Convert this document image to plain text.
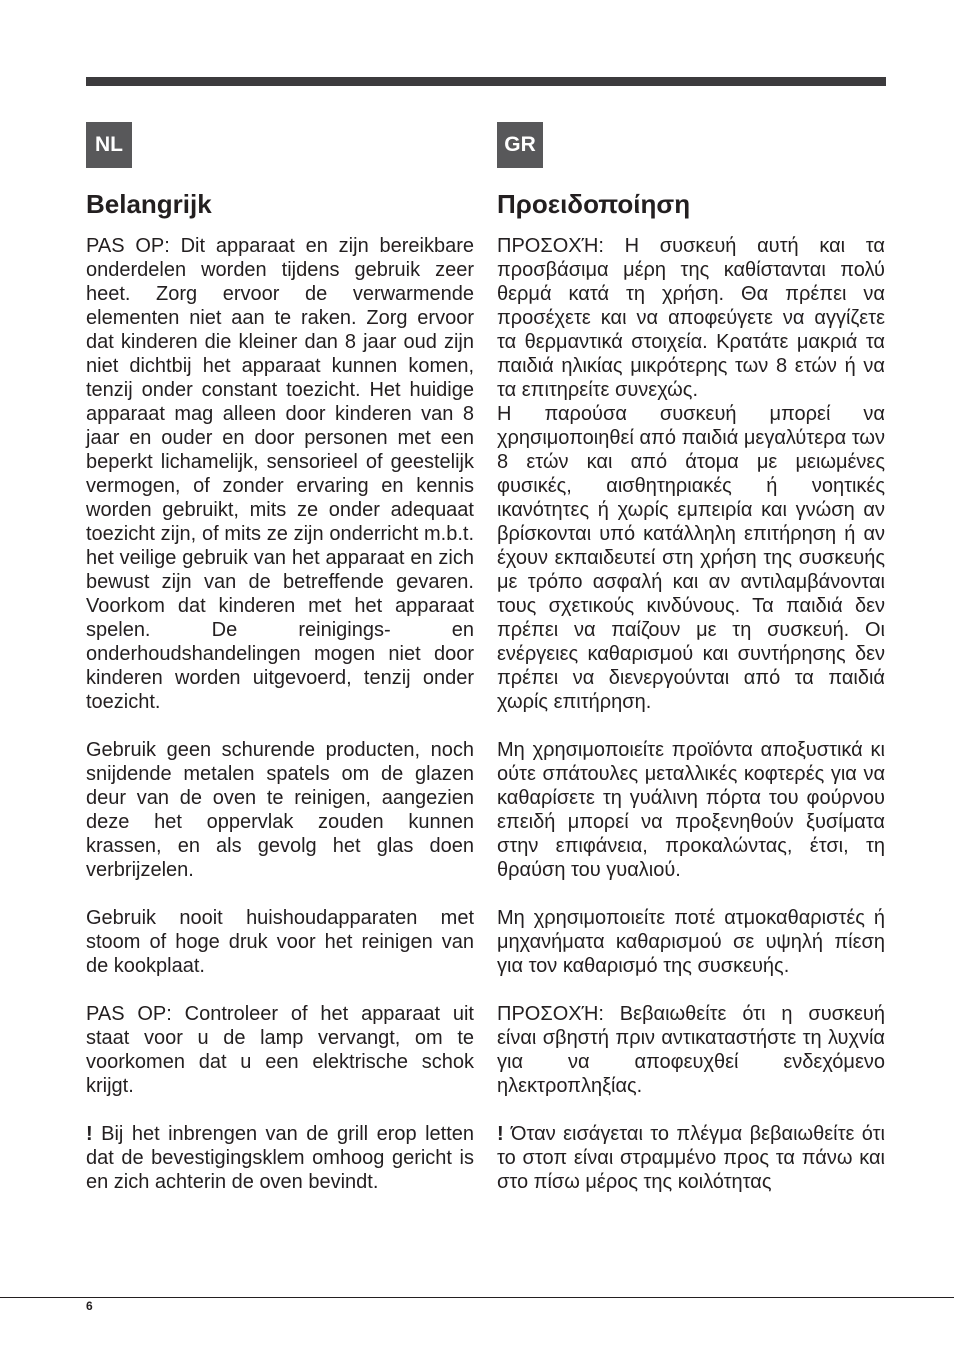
NL
Belangrijk

PAS OP: Dit apparaat en zijn bereikbare onderdelen worden tijdens gebruik zeer heet. Zorg ervoor de verwarmende elementen niet aan te raken. Zorg ervoor dat kinderen die kleiner dan 8 jaar oud zijn niet dichtbij het apparaat kunnen komen, tenzij onder constant toezicht. Het huidige apparaat mag alleen door kinderen van 8 jaar en ouder en door personen met een beperkt lichamelijk, sensorieel of geestelijk vermogen, of zonder ervaring en kennis worden gebruikt, mits ze onder adequaat toezicht zijn, of mits ze zijn onderricht m.b.t. het veilige gebruik van het apparaat en zich bewust zijn van de betreffende gevaren. Voorkom dat kinderen met het apparaat spelen. De reinigings- en onderhoudshandelingen mogen niet door kinderen worden uitgevoerd, tenzij onder toezicht.

Gebruik geen schurende producten, noch snijdende metalen spatels om de glazen deur van de oven te reinigen, aangezien deze het oppervlak zouden kunnen krassen, en als gevolg het glas doen verbrijzelen.

Gebruik nooit huishoudapparaten met stoom of hoge druk voor het reinigen van de kookplaat.

PAS OP: Controleer of het apparaat uit staat voor u de lamp vervangt, om te voorkomen dat u een elektrische schok krijgt.

! Bij het inbrengen van de grill erop letten dat de bevestigingsklem omhoog gericht is en zich achterin de oven bevindt.

GR
Προειδοποίηση

ΠΡΟΣΟΧΉ: Η συσκευή αυτή και τα προσβάσιμα μέρη της καθίστανται πολύ θερμά κατά τη χρήση. Θα πρέπει να προσέχετε και να αποφεύγετε να αγγίζετε τα θερμαντικά στοιχεία. Κρατάτε μακριά τα παιδιά ηλικίας μικρότερης των 8 ετών ή να τα επιτηρείτε συνεχώς.

Η παρούσα συσκευή μπορεί να χρησιμοποιηθεί από παιδιά μεγαλύτερα των 8 ετών και από άτομα με μειωμένες φυσικές, αισθητηριακές ή νοητικές ικανότητες ή χωρίς εμπειρία και γνώση αν βρίσκονται υπό κατάλληλη επιτήρηση ή αν έχουν εκπαιδευτεί στη χρήση της συσκευής με τρόπο ασφαλή και αν αντιλαμβάνονται τους σχετικούς κινδύνους. Τα παιδιά δεν πρέπει να παίζουν με τη συσκευή. Οι ενέργειες καθαρισμού και συντήρησης δεν πρέπει να διενεργούνται από τα παιδιά χωρίς επιτήρηση.

Μη χρησιμοποιείτε προϊόντα αποξυστικά κι ούτε σπάτουλες μεταλλικές κοφτερές για να καθαρίσετε τη γυάλινη πόρτα του φούρνου επειδή μπορεί να προξενηθούν ξυσίματα στην επιφάνεια, προκαλώντας, έτσι, τη θραύση του γυαλιού.

Μη χρησιμοποιείτε ποτέ ατμοκαθαριστές ή μηχανήματα καθαρισμού σε υψηλή πίεση για τον καθαρισμό της συσκευής.

ΠΡΟΣΟΧΉ: Βεβαιωθείτε ότι η συσκευή είναι σβηστή πριν αντικαταστήστε τη λυχνία για να αποφευχθεί ενδεχόμενο ηλεκτροπληξίας.

! Όταν εισάγεται το πλέγμα βεβαιωθείτε ότι το στοπ είναι στραμμένο προς τα πάνω και στο πίσω μέρος της κοιλότητας

6
